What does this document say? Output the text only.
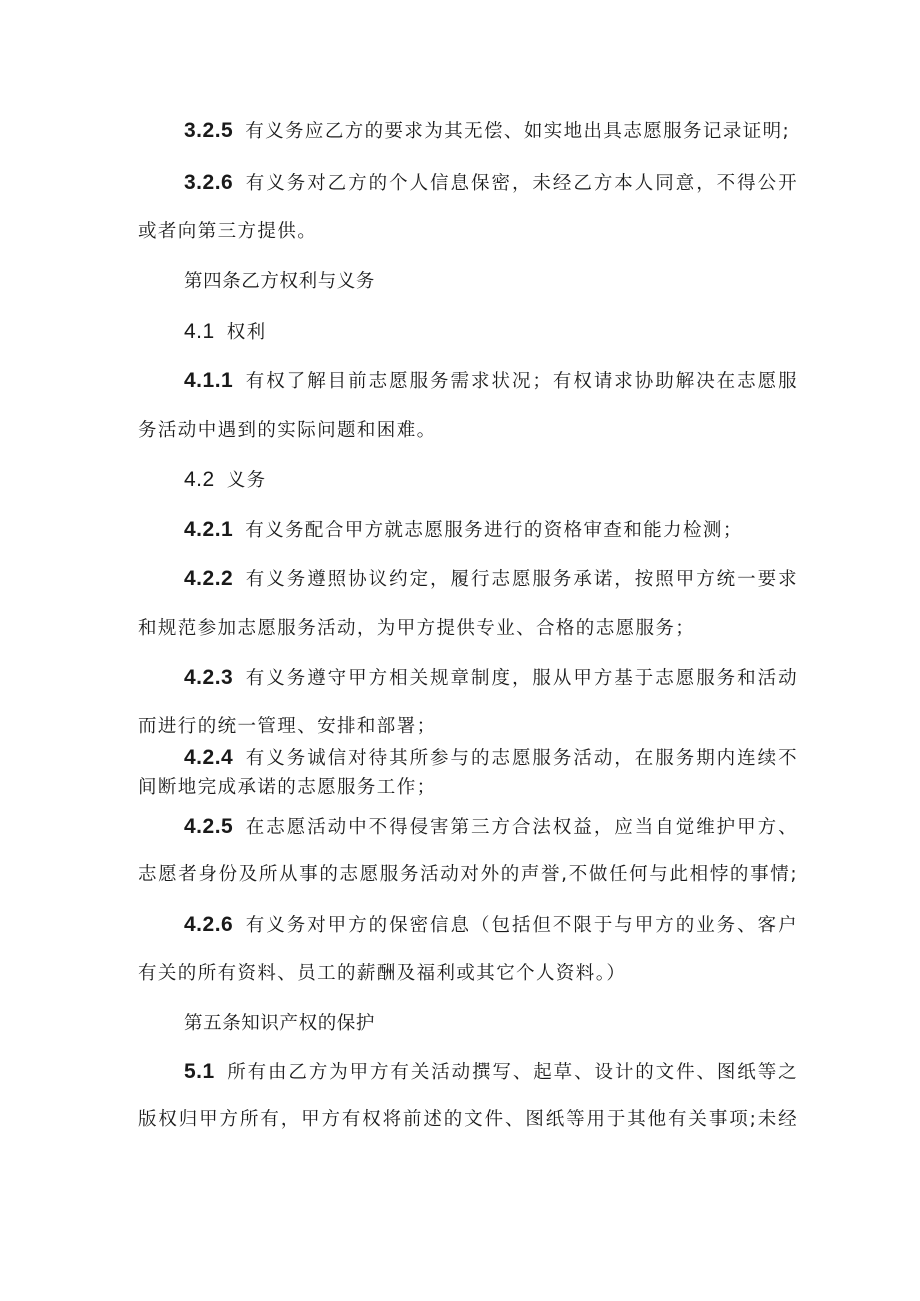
3.2.5 有义务应乙方的要求为其无偿、如实地出具志愿服务记录证明;
3.2.6 有义务对乙方的个人信息保密，未经乙方本人同意，不得公开
或者向第三方提供。
第四条乙方权利与义务
4.1 权利
4.1.1 有权了解目前志愿服务需求状况；有权请求协助解决在志愿服
务活动中遇到的实际问题和困难。
4.2 义务
4.2.1 有义务配合甲方就志愿服务进行的资格审查和能力检测；
4.2.2 有义务遵照协议约定，履行志愿服务承诺，按照甲方统一要求
和规范参加志愿服务活动，为甲方提供专业、合格的志愿服务；
4.2.3 有义务遵守甲方相关规章制度，服从甲方基于志愿服务和活动
而进行的统一管理、安排和部署；
4.2.4 有义务诚信对待其所参与的志愿服务活动，在服务期内连续不
间断地完成承诺的志愿服务工作；
4.2.5 在志愿活动中不得侵害第三方合法权益，应当自觉维护甲方、
志愿者身份及所从事的志愿服务活动对外的声誉,不做任何与此相悖的事情;
4.2.6 有义务对甲方的保密信息（包括但不限于与甲方的业务、客户
有关的所有资料、员工的薪酬及福利或其它个人资料。）
第五条知识产权的保护
5.1 所有由乙方为甲方有关活动撰写、起草、设计的文件、图纸等之
版权归甲方所有，甲方有权将前述的文件、图纸等用于其他有关事项;未经
